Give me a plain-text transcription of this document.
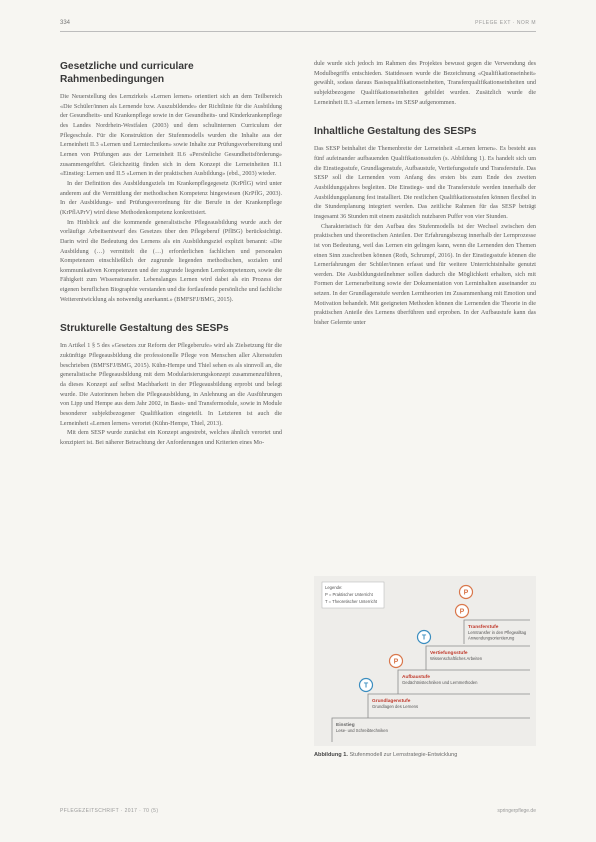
334	PFLEGE EXT · NOR M
Gesetzliche und curriculare Rahmenbedingungen

Die Neuerstellung des Lernzirkels «Lernen lernen» orientiert sich an dem Teilbereich «Die Schüler/innen als Lernende bzw. Auszubildende» der Richtlinie für die Ausbildung der Gesundheits- und Krankenpflege sowie in der Gesundheits- und Kinderkrankenpflege des Landes Nordrhein-Westfalen (2003) und dem schulinternen Curriculum der Pflegeschule. Für die Konstruktion der Stufenmodells wurden die Inhalte aus der Lerneinheit II.3 «Lernen und Lerntechniken» sowie Inhalte zur Prüfungsvorbereitung und Lernen von Prüfungen aus der Lerneinheit II.6 «Persönliche Gesundheitsförderung» zusammengeführt. Gleichzeitig finden sich in dem Konzept die Lerneinheiten II.1 «Einstieg: Lernen und II.5 «Lernen in der praktischen Ausbildung» (ebd., 2003) wieder.

In der Definition des Ausbildungsziels im Krankenpflegegesetz (KrPflG) wird unter anderem auf die Vermittlung der methodischen Kompetenz hingewiesen (KrPflG, 2003). In der Ausbildungs- und Prüfungsverordnung für die Berufe in der Krankenpflege (KrPflAPrV) wird diese Methodenkompetenz konkretisiert.

Im Hinblick auf die kommende generalistische Pflegeausbildung wurde auch der vorläufige Arbeitsentwurf des Gesetzes über den Pflegeberuf (PflBG) berücksichtigt. Darin wird die Bedeutung des Lernens als ein Ausbildungsziel explizit benannt: «Die Ausbildung (…) vermittelt die (…) erforderlichen fachlichen und personalen Kompetenzen einschließlich der zugrunde liegenden methodischen, sozialen und kommunikativen Kompetenzen und der zugrunde liegenden Lernkompetenzen, sowie die Fähigkeit zum Wissenstransfer. Lebenslanges Lernen wird dabei als ein Prozess der eigenen beruflichen Biographie verstanden und die fortlaufende persönliche und fachliche Weiterentwicklung als notwendig anerkannt.» (BMFSFJ/BMG, 2015).

Strukturelle Gestaltung des SESPs

Im Artikel 1 § 5 des «Gesetzes zur Reform der Pflegeberufe» wird als Zielsetzung für die zukünftige Pflegeausbildung die professionelle Pflege von Menschen aller Altersstufen beschrieben (BMFSFJ/BMG, 2015). Kühn-Hempe und Thiel sehen es als sinnvoll an, die generalistische Pflegeausbildung mit dem Modularisierungskonzept zusammenzuführen, da dieses Konzept auf selbst Machbarkeit in der Pflegeausbildung erprobt und belegt wurde. Die Autorinnen heben die Pflegeausbildung, in Anlehnung an die Ausführungen von Lipp und Hempe aus dem Jahr 2002, in Basis- und Transfermodule, sowie in Module besonderer subjektbezogener Qualifikation eingeteilt. In Letzteren ist auch die Lerneinheit «Lernen lernen» verortet (Kühn-Hempe, Thiel, 2013).

Mit dem SESP wurde zunächst ein Konzept angestrebt, welches ähnlich verortet und konzipiert ist. Bei näherer Betrachtung der Anforderungen und Kriterien eines Mo-

dule wurde sich jedoch im Rahmen des Projektes bewusst gegen die Verwendung des Modulbegriffs entschieden. Stattdessen wurde die Bezeichnung «Qualifikationseinheit» gewählt, sodass daraus Basisqualifikationseinheiten, Transferqualifikationseinheiten und subjektbezogene Qualifikationseinheiten gebildet wurden. Zusätzlich wurde die Lerneinheit II.3 «Lernen lernen» im SESP aufgenommen.

Inhaltliche Gestaltung des SESPs

Das SESP beinhaltet die Themenbreite der Lerneinheit «Lernen lernen». Es besteht aus fünf aufeinander aufbauenden Qualifikationsstufen (s. Abbildung 1). Es handelt sich um die Einstiegsstufe, Grundlagenstufe, Aufbaustufe, Vertiefungsstufe und Transferstufe. Das SESP soll die Lernenden vom Anfang des ersten bis zum Ende des zweiten Ausbildungsjahres begleiten. Die Einstiegs- und die Transferstufe werden innerhalb der Ausbildungsplanung fest installiert. Die restlichen Qualifikationsstufen können flexibel in die Stundenplanung integriert werden. Das zeitliche Rahmen für das SESP beträgt insgesamt 36 Stunden mit einem zusätzlich nutzbaren Puffer von vier Stunden.

Charakteristisch für den Aufbau des Stufenmodells ist der Wechsel zwischen den praktischen und theoretischen Anteilen. Der Erfahrungsbezug innerhalb der Lernprozesse ist von Bedeutung, weil das Lernen ein gelingen kann, wenn die Lernenden den Themen einen Sinn zuschreiben können (Roth, Schrumpf, 2016). In der Einstiegsstufe können die Lernerfahrungen der Schüler/innen erfasst und für weitere Unterrichtsinhalte genutzt werden. Die Ausbildungsteilnehmer sollen dadurch die Möglichkeit erhalten, sich mit Formen der Lernerarbeitung sowie der Dokumentation von Lerninhalten auseinander zu setzen. In der Grundlagenstufe werden Lerntheorien im Zusammenhang mit Emotion und Motivation behandelt. Mit geeigneten Methoden können die Lernenden die Theorie in die praktischen Anteile des Lernens überführen und erproben. In der Aufbaustufe kann das bisher Gelernte unter

Einstieg
Lese- und Schreibtechniken
Grundlagenstufe
Grundlagen des Lernens
T
Aufbaustufe
Gedächtnistechniken und Lernmethoden
P
Vertiefungsstufe
Wissenschaftliches Arbeiten
T
Transferstufe
Lerntransfer in den Pflegealltag
Anwendungsorientierung
P
P
Legende:
P = Praktischer Unterricht
T = Theoretischer Unterricht
Abbildung 1. Stufenmodell zur Lernstrategie-Entwicklung
PFLEGEZEITSCHRIFT · 2017 · 70 (5)	springerpflege.de
